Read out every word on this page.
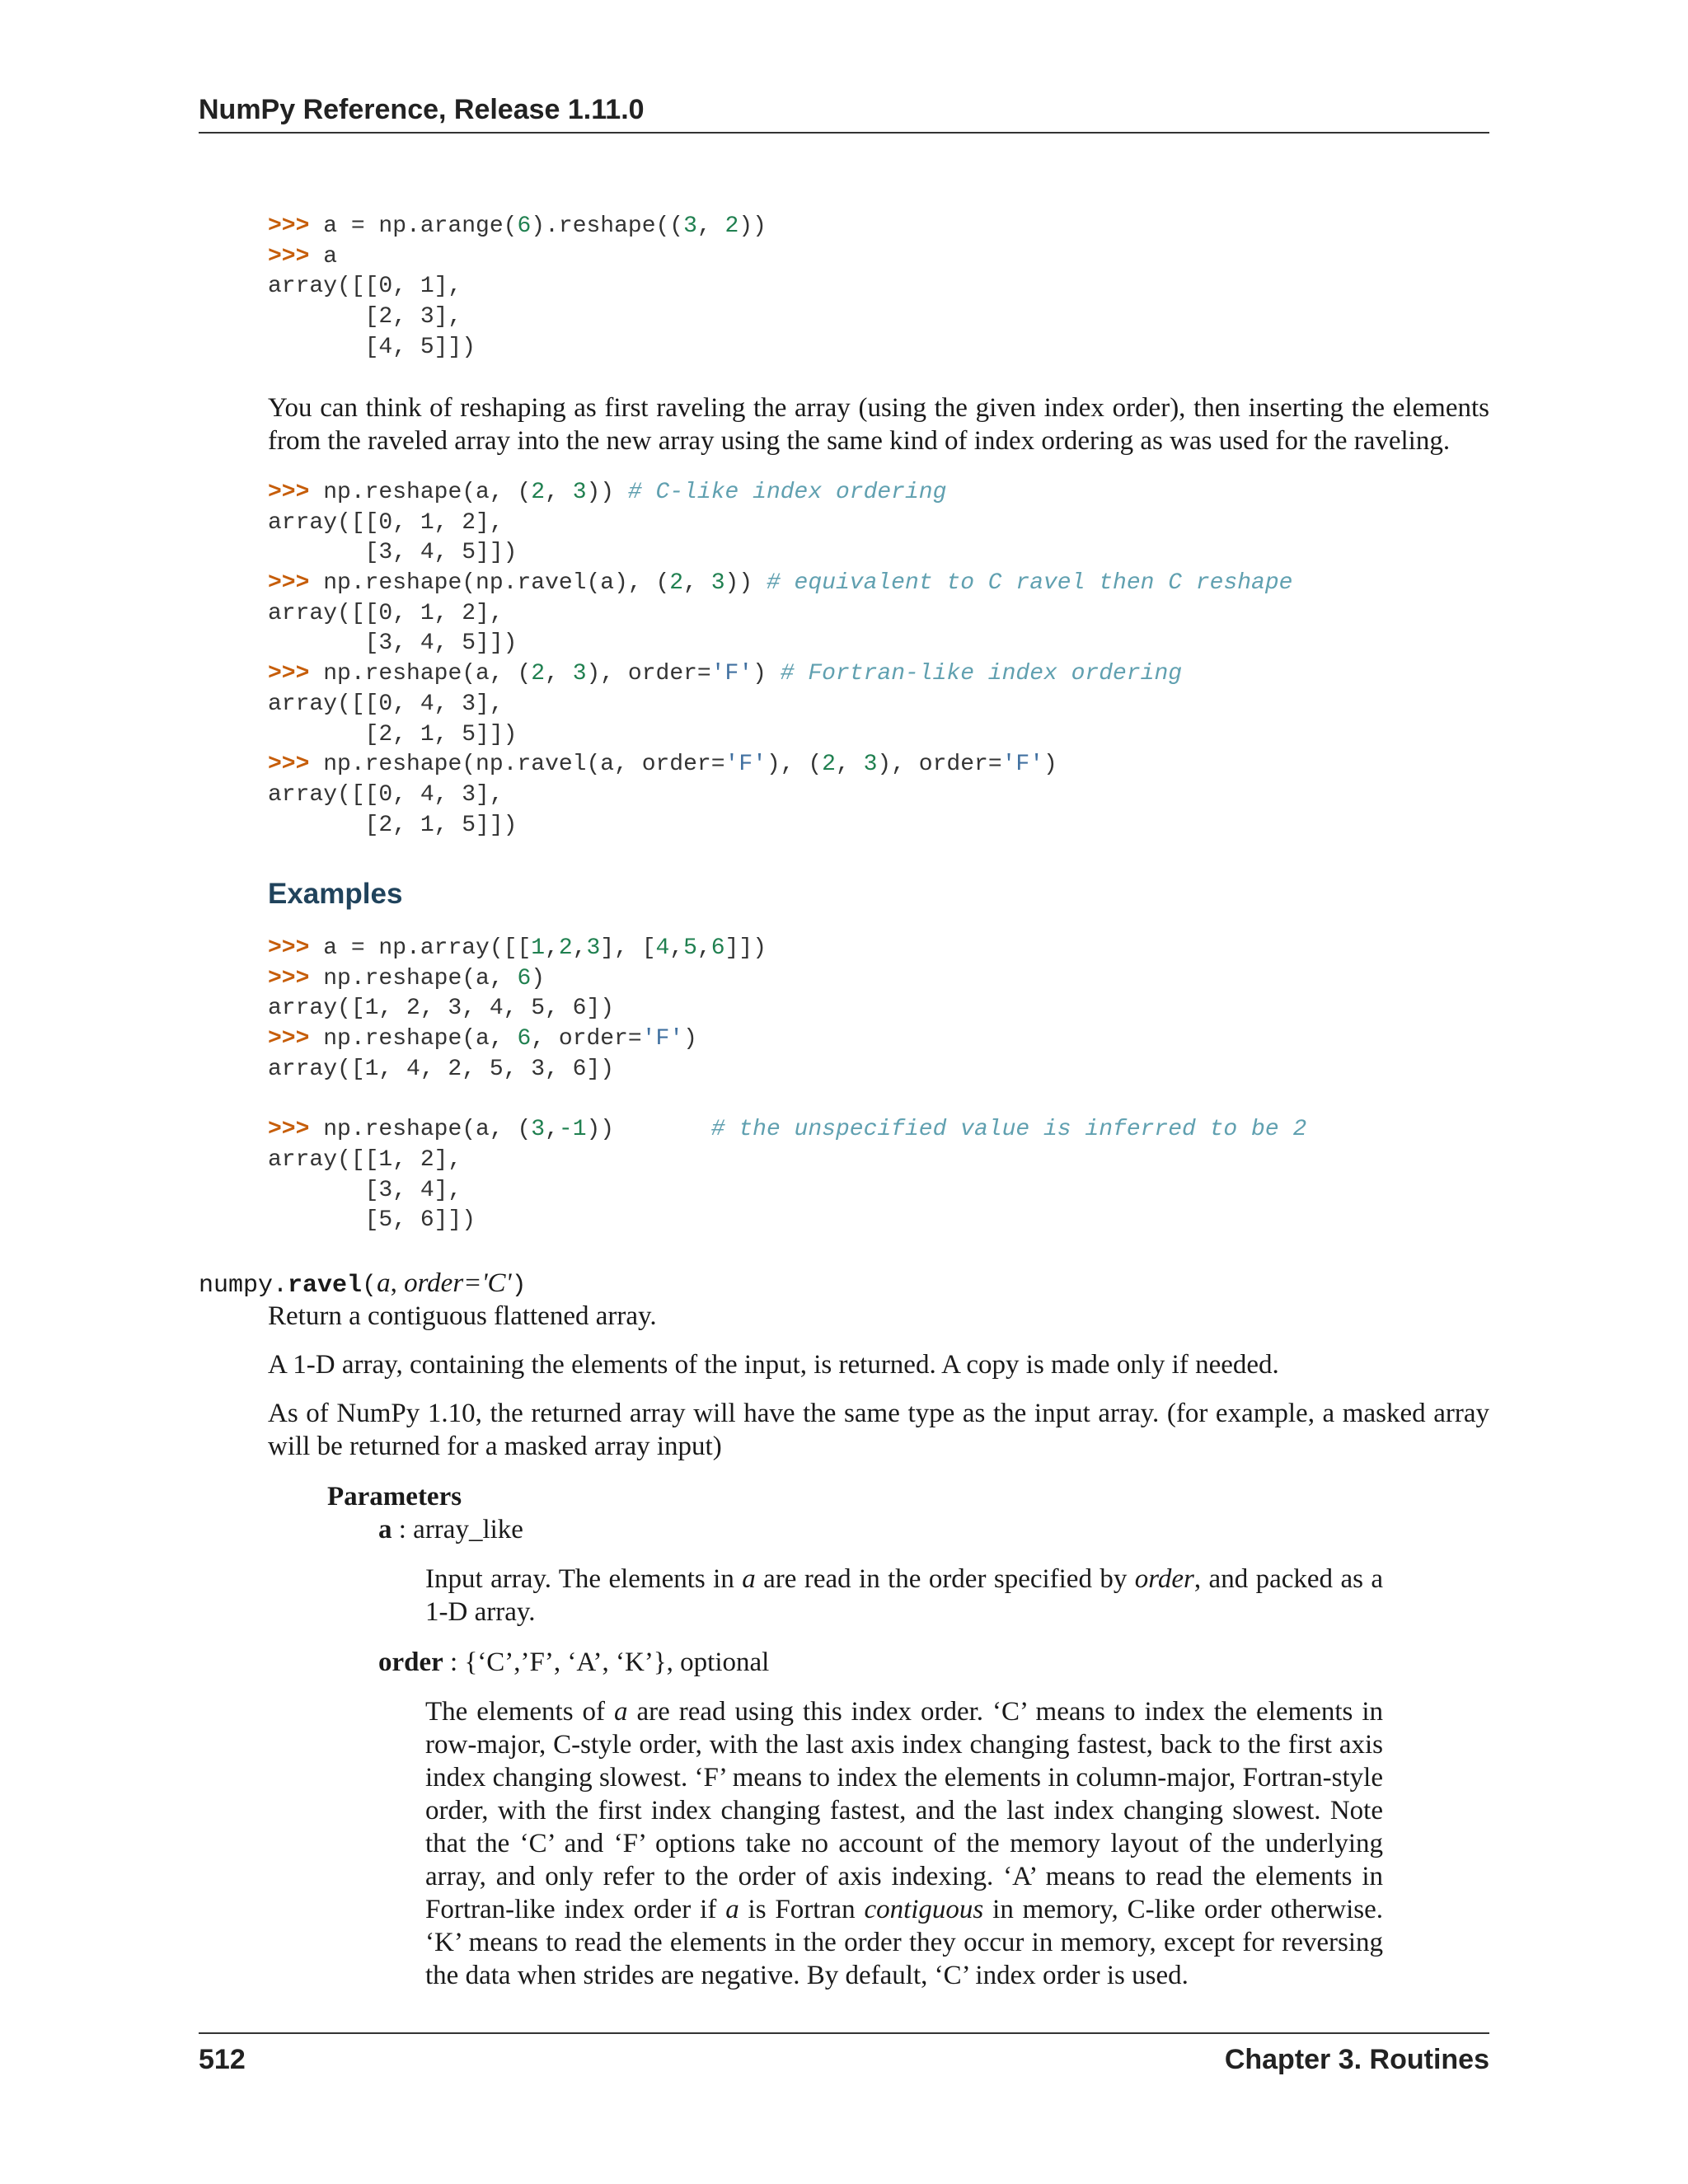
NumPy Reference, Release 1.11.0
>>> a = np.arange(6).reshape((3, 2))
>>> a
array([[0, 1],
[2, 3],
[4, 5]])

You can think of reshaping as first raveling the array (using the given index order), then inserting the elements from the raveled array into the new array using the same kind of index ordering as was used for the raveling.

>>> np.reshape(a, (2, 3)) # C-like index ordering
array([[0, 1, 2],
[3, 4, 5]])
>>> np.reshape(np.ravel(a), (2, 3)) # equivalent to C ravel then C reshape
array([[0, 1, 2],
[3, 4, 5]])
>>> np.reshape(a, (2, 3), order='F') # Fortran-like index ordering
array([[0, 4, 3],
[2, 1, 5]])
>>> np.reshape(np.ravel(a, order='F'), (2, 3), order='F')
array([[0, 4, 3],
[2, 1, 5]])
Examples
>>> a = np.array([[1,2,3], [4,5,6]])
>>> np.reshape(a, 6)
array([1, 2, 3, 4, 5, 6])
>>> np.reshape(a, 6, order='F')
array([1, 4, 2, 5, 3, 6])
>>> np.reshape(a, (3,-1))       # the unspecified value is inferred to be 2
array([[1, 2],
[3, 4],
[5, 6]])
numpy.ravel(a, order='C')

Return a contiguous flattened array.

A 1-D array, containing the elements of the input, is returned. A copy is made only if needed.

As of NumPy 1.10, the returned array will have the same type as the input array. (for example, a masked array will be returned for a masked array input)

Parameters

a : array_like

Input array. The elements in a are read in the order specified by order, and packed as a 1-D array.

order : {‘C’,’F’, ‘A’, ‘K’}, optional

The elements of a are read using this index order. ‘C’ means to index the elements in row-major, C-style order, with the last axis index changing fastest, back to the first axis index changing slowest. ‘F’ means to index the elements in column-major, Fortran-style order, with the first index changing fastest, and the last index changing slowest. Note that the ‘C’ and ‘F’ options take no account of the memory layout of the underlying array, and only refer to the order of axis indexing. ‘A’ means to read the elements in Fortran-like index order if a is Fortran contiguous in memory, C-like order otherwise. ‘K’ means to read the elements in the order they occur in memory, except for reversing the data when strides are negative. By default, ‘C’ index order is used.

512	Chapter 3. Routines
